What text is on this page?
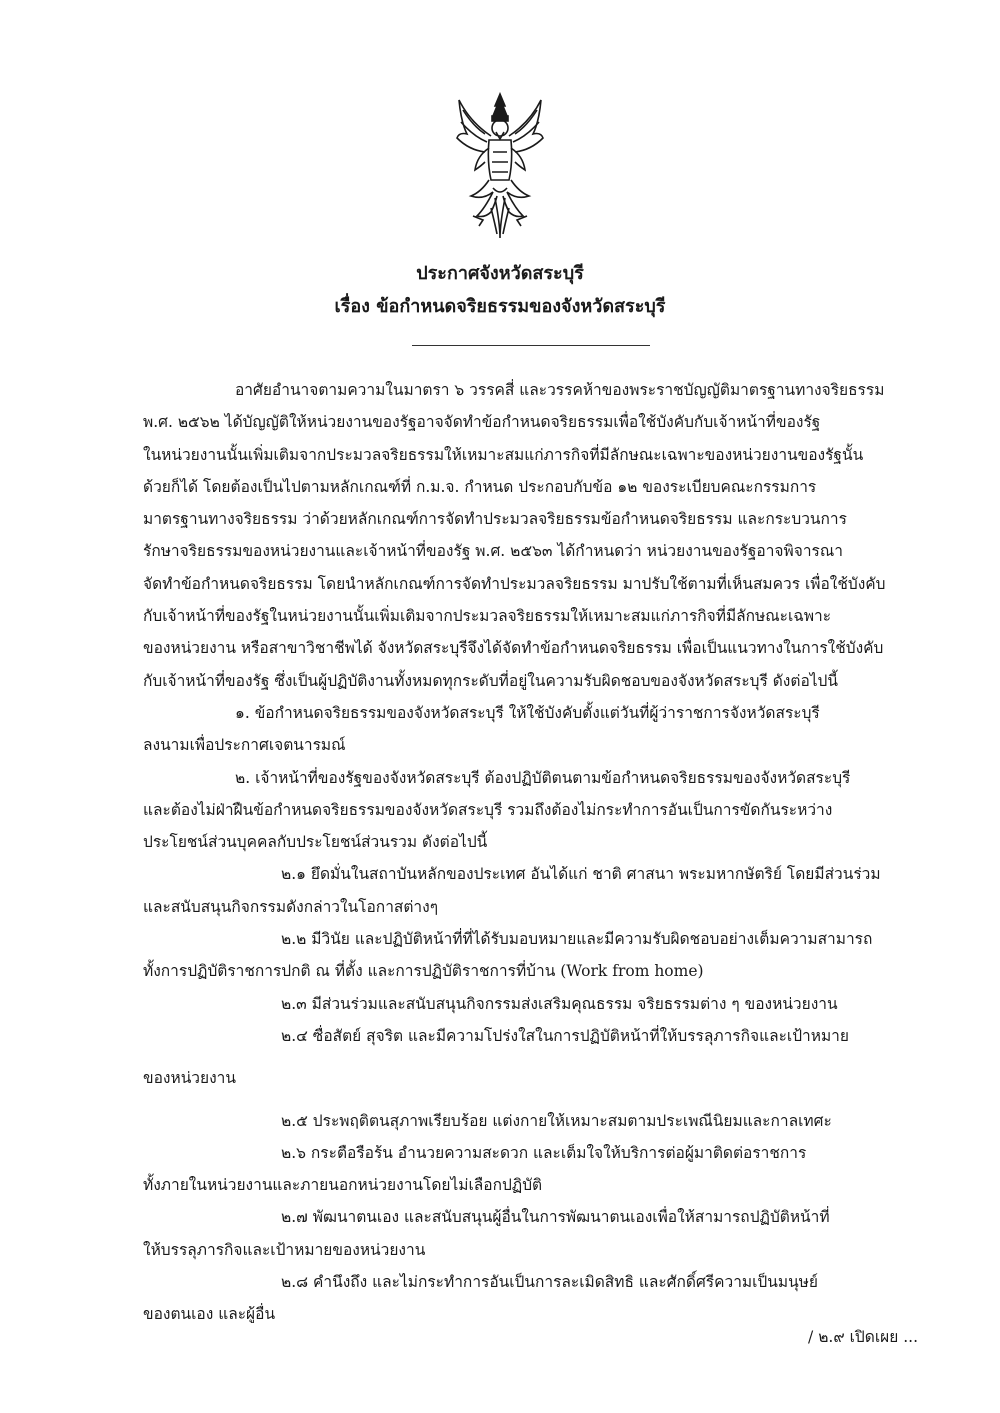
ประกาศจังหวัดสระบุรี
เรื่อง ข้อกำหนดจริยธรรมของจังหวัดสระบุรี
อาศัยอำนาจตามความในมาตรา ๖ วรรคสี่ และวรรคห้าของพระราชบัญญัติมาตรฐานทางจริยธรรม
พ.ศ. ๒๕๖๒ ได้บัญญัติให้หน่วยงานของรัฐอาจจัดทำข้อกำหนดจริยธรรมเพื่อใช้บังคับกับเจ้าหน้าที่ของรัฐ
ในหน่วยงานนั้นเพิ่มเติมจากประมวลจริยธรรมให้เหมาะสมแก่ภารกิจที่มีลักษณะเฉพาะของหน่วยงานของรัฐนั้น
ด้วยก็ได้ โดยต้องเป็นไปตามหลักเกณฑ์ที่ ก.ม.จ. กำหนด ประกอบกับข้อ ๑๒ ของระเบียบคณะกรรมการ
มาตรฐานทางจริยธรรม ว่าด้วยหลักเกณฑ์การจัดทำประมวลจริยธรรมข้อกำหนดจริยธรรม และกระบวนการ
รักษาจริยธรรมของหน่วยงานและเจ้าหน้าที่ของรัฐ พ.ศ. ๒๕๖๓ ได้กำหนดว่า หน่วยงานของรัฐอาจพิจารณา
จัดทำข้อกำหนดจริยธรรม โดยนำหลักเกณฑ์การจัดทำประมวลจริยธรรม มาปรับใช้ตามที่เห็นสมควร เพื่อใช้บังคับ
กับเจ้าหน้าที่ของรัฐในหน่วยงานนั้นเพิ่มเติมจากประมวลจริยธรรมให้เหมาะสมแก่ภารกิจที่มีลักษณะเฉพาะ
ของหน่วยงาน หรือสาขาวิชาชีพได้ จังหวัดสระบุรีจึงได้จัดทำข้อกำหนดจริยธรรม เพื่อเป็นแนวทางในการใช้บังคับ
กับเจ้าหน้าที่ของรัฐ ซึ่งเป็นผู้ปฏิบัติงานทั้งหมดทุกระดับที่อยู่ในความรับผิดชอบของจังหวัดสระบุรี ดังต่อไปนี้
๑. ข้อกำหนดจริยธรรมของจังหวัดสระบุรี ให้ใช้บังคับตั้งแต่วันที่ผู้ว่าราชการจังหวัดสระบุรี
ลงนามเพื่อประกาศเจตนารมณ์
๒. เจ้าหน้าที่ของรัฐของจังหวัดสระบุรี ต้องปฏิบัติตนตามข้อกำหนดจริยธรรมของจังหวัดสระบุรี
และต้องไม่ฝ่าฝืนข้อกำหนดจริยธรรมของจังหวัดสระบุรี รวมถึงต้องไม่กระทำการอันเป็นการขัดกันระหว่าง
ประโยชน์ส่วนบุคคลกับประโยชน์ส่วนรวม ดังต่อไปนี้
๒.๑ ยึดมั่นในสถาบันหลักของประเทศ อันได้แก่ ชาติ ศาสนา พระมหากษัตริย์ โดยมีส่วนร่วม
และสนับสนุนกิจกรรมดังกล่าวในโอกาสต่างๆ
๒.๒ มีวินัย และปฏิบัติหน้าที่ที่ได้รับมอบหมายและมีความรับผิดชอบอย่างเต็มความสามารถ
ทั้งการปฏิบัติราชการปกติ ณ ที่ตั้ง และการปฏิบัติราชการที่บ้าน (Work from home)
๒.๓ มีส่วนร่วมและสนับสนุนกิจกรรมส่งเสริมคุณธรรม จริยธรรมต่าง ๆ ของหน่วยงาน
๒.๔ ซื่อสัตย์ สุจริต และมีความโปร่งใสในการปฏิบัติหน้าที่ให้บรรลุภารกิจและเป้าหมาย
ของหน่วยงาน
๒.๕ ประพฤติตนสุภาพเรียบร้อย แต่งกายให้เหมาะสมตามประเพณีนิยมและกาลเทศะ
๒.๖ กระตือรือร้น อำนวยความสะดวก และเต็มใจให้บริการต่อผู้มาติดต่อราชการ
ทั้งภายในหน่วยงานและภายนอกหน่วยงานโดยไม่เลือกปฏิบัติ
๒.๗ พัฒนาตนเอง และสนับสนุนผู้อื่นในการพัฒนาตนเองเพื่อให้สามารถปฏิบัติหน้าที่
ให้บรรลุภารกิจและเป้าหมายของหน่วยงาน
๒.๘ คำนึงถึง และไม่กระทำการอันเป็นการละเมิดสิทธิ และศักดิ์ศรีความเป็นมนุษย์
ของตนเอง และผู้อื่น
/ ๒.๙ เปิดเผย ...
